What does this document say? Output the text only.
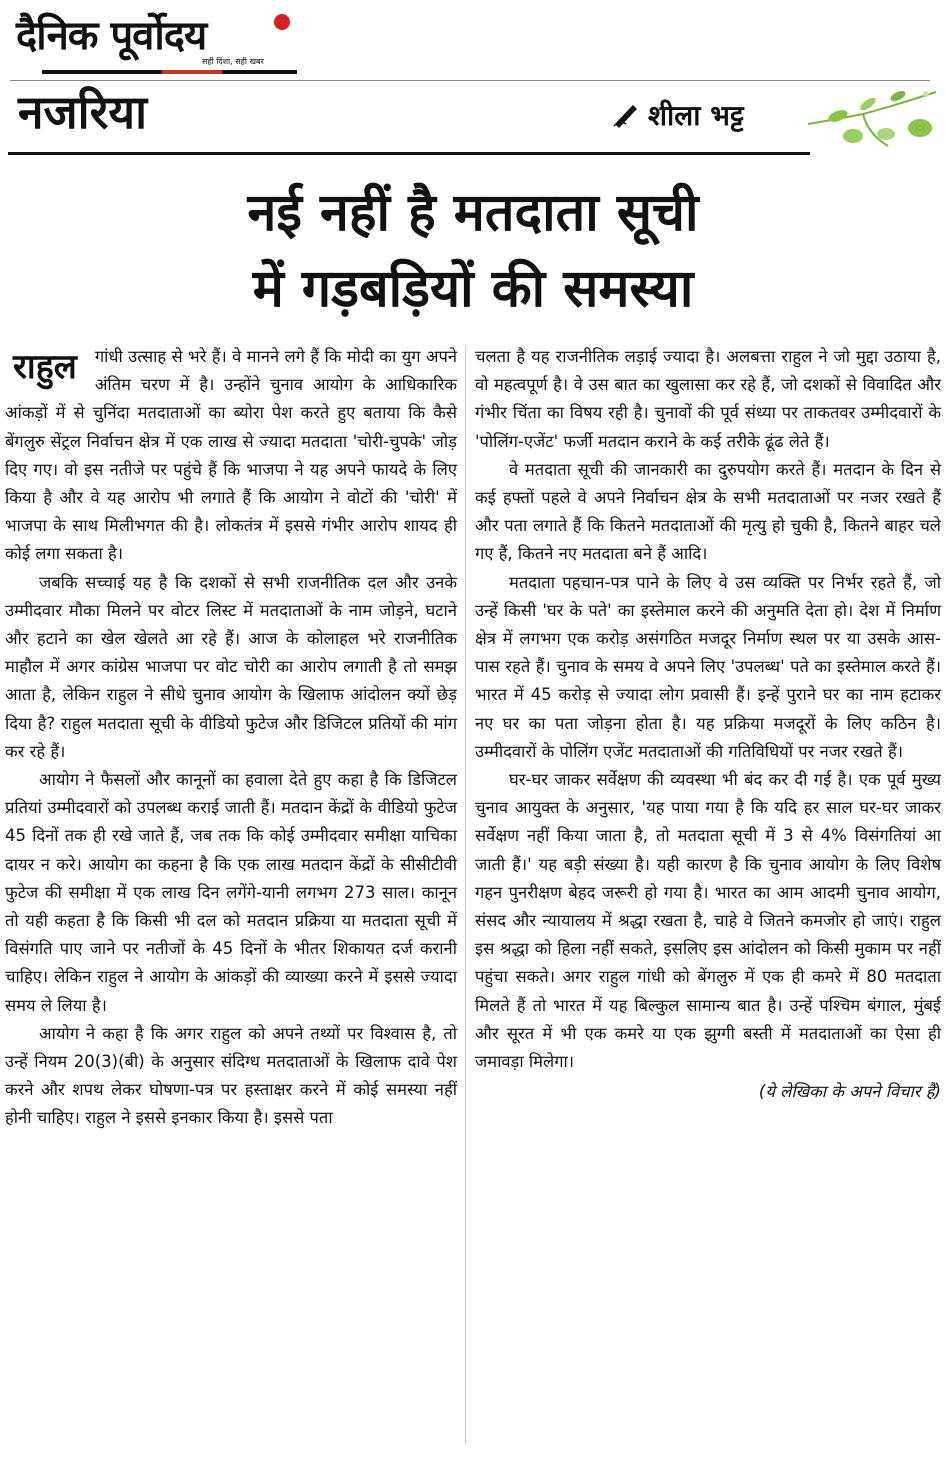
दैनिक पूर्वोदय
सही दिशा, सही खबर
नजरिया	शीला भट्ट
नई नहीं है मतदाता सूची
में गड़बड़ियों की समस्या

राहुल गांधी उत्साह से भरे हैं। वे मानने लगे हैं कि मोदी का युग अपने अंतिम चरण में है। उन्होंने चुनाव आयोग के आधिकारिक आंकड़ों में से चुनिंदा मतदाताओं का ब्योरा पेश करते हुए बताया कि कैसे बेंगलुरु सेंट्रल निर्वाचन क्षेत्र में एक लाख से ज्यादा मतदाता 'चोरी-चुपके' जोड़ दिए गए। वो इस नतीजे पर पहुंचे हैं कि भाजपा ने यह अपने फायदे के लिए किया है और वे यह आरोप भी लगाते हैं कि आयोग ने वोटों की 'चोरी' में भाजपा के साथ मिलीभगत की है। लोकतंत्र में इससे गंभीर आरोप शायद ही कोई लगा सकता है।

जबकि सच्चाई यह है कि दशकों से सभी राजनीतिक दल और उनके उम्मीदवार मौका मिलने पर वोटर लिस्ट में मतदाताओं के नाम जोड़ने, घटाने और हटाने का खेल खेलते आ रहे हैं। आज के कोलाहल भरे राजनीतिक माहौल में अगर कांग्रेस भाजपा पर वोट चोरी का आरोप लगाती है तो समझ आता है, लेकिन राहुल ने सीधे चुनाव आयोग के खिलाफ आंदोलन क्यों छेड़ दिया है? राहुल मतदाता सूची के वीडियो फुटेज और डिजिटल प्रतियों की मांग कर रहे हैं।

आयोग ने फैसलों और कानूनों का हवाला देते हुए कहा है कि डिजिटल प्रतियां उम्मीदवारों को उपलब्ध कराई जाती हैं। मतदान केंद्रों के वीडियो फुटेज 45 दिनों तक ही रखे जाते हैं, जब तक कि कोई उम्मीदवार समीक्षा याचिका दायर न करे। आयोग का कहना है कि एक लाख मतदान केंद्रों के सीसीटीवी फुटेज की समीक्षा में एक लाख दिन लगेंगे-यानी लगभग 273 साल। कानून तो यही कहता है कि किसी भी दल को मतदान प्रक्रिया या मतदाता सूची में विसंगति पाए जाने पर नतीजों के 45 दिनों के भीतर शिकायत दर्ज करानी चाहिए। लेकिन राहुल ने आयोग के आंकड़ों की व्याख्या करने में इससे ज्यादा समय ले लिया है।

आयोग ने कहा है कि अगर राहुल को अपने तथ्यों पर विश्वास है, तो उन्हें नियम 20(3)(बी) के अनुसार संदिग्ध मतदाताओं के खिलाफ दावे पेश करने और शपथ लेकर घोषणा-पत्र पर हस्ताक्षर करने में कोई समस्या नहीं होनी चाहिए। राहुल ने इससे इनकार किया है। इससे पता

चलता है यह राजनीतिक लड़ाई ज्यादा है। अलबत्ता राहुल ने जो मुद्दा उठाया है, वो महत्वपूर्ण है। वे उस बात का खुलासा कर रहे हैं, जो दशकों से विवादित और गंभीर चिंता का विषय रही है। चुनावों की पूर्व संध्या पर ताकतवर उम्मीदवारों के 'पोलिंग-एजेंट' फर्जी मतदान कराने के कई तरीके ढूंढ लेते हैं।

वे मतदाता सूची की जानकारी का दुरुपयोग करते हैं। मतदान के दिन से कई हफ्तों पहले वे अपने निर्वाचन क्षेत्र के सभी मतदाताओं पर नजर रखते हैं और पता लगाते हैं कि कितने मतदाताओं की मृत्यु हो चुकी है, कितने बाहर चले गए हैं, कितने नए मतदाता बने हैं आदि।

मतदाता पहचान-पत्र पाने के लिए वे उस व्यक्ति पर निर्भर रहते हैं, जो उन्हें किसी 'घर के पते' का इस्तेमाल करने की अनुमति देता हो। देश में निर्माण क्षेत्र में लगभग एक करोड़ असंगठित मजदूर निर्माण स्थल पर या उसके आस-पास रहते हैं। चुनाव के समय वे अपने लिए 'उपलब्ध' पते का इस्तेमाल करते हैं। भारत में 45 करोड़ से ज्यादा लोग प्रवासी हैं। इन्हें पुराने घर का नाम हटाकर नए घर का पता जोड़ना होता है। यह प्रक्रिया मजदूरों के लिए कठिन है। उम्मीदवारों के पोलिंग एजेंट मतदाताओं की गतिविधियों पर नजर रखते हैं।

घर-घर जाकर सर्वेक्षण की व्यवस्था भी बंद कर दी गई है। एक पूर्व मुख्य चुनाव आयुक्त के अनुसार, 'यह पाया गया है कि यदि हर साल घर-घर जाकर सर्वेक्षण नहीं किया जाता है, तो मतदाता सूची में 3 से 4% विसंगतियां आ जाती हैं।' यह बड़ी संख्या है। यही कारण है कि चुनाव आयोग के लिए विशेष गहन पुनरीक्षण बेहद जरूरी हो गया है। भारत का आम आदमी चुनाव आयोग, संसद और न्यायालय में श्रद्धा रखता है, चाहे वे जितने कमजोर हो जाएं। राहुल इस श्रद्धा को हिला नहीं सकते, इसलिए इस आंदोलन को किसी मुकाम पर नहीं पहुंचा सकते। अगर राहुल गांधी को बेंगलुरु में एक ही कमरे में 80 मतदाता मिलते हैं तो भारत में यह बिल्कुल सामान्य बात है। उन्हें पश्चिम बंगाल, मुंबई और सूरत में भी एक कमरे या एक झुग्गी बस्ती में मतदाताओं का ऐसा ही जमावड़ा मिलेगा।

(ये लेखिका के अपने विचार हैं)
